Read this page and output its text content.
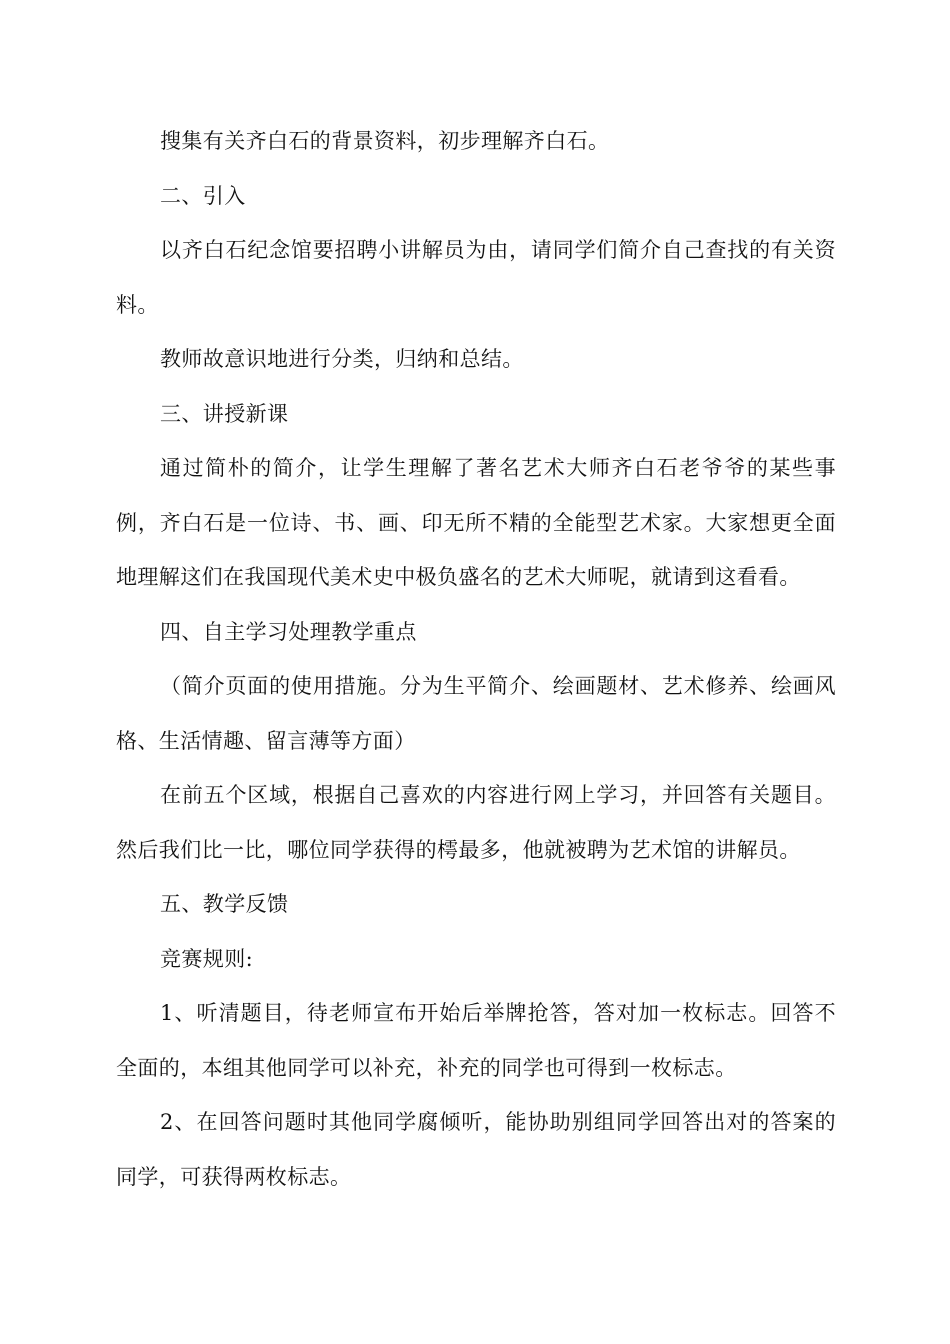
搜集有关齐白石的背景资料，初步理解齐白石。

二、引入

以齐白石纪念馆要招聘小讲解员为由，请同学们简介自己查找的有关资料。

教师故意识地进行分类，归纳和总结。

三、讲授新课

通过简朴的简介，让学生理解了著名艺术大师齐白石老爷爷的某些事例，齐白石是一位诗、书、画、印无所不精的全能型艺术家。大家想更全面地理解这们在我国现代美术史中极负盛名的艺术大师呢，就请到这看看。

四、自主学习处理教学重点

（简介页面的使用措施。分为生平简介、绘画题材、艺术修养、绘画风格、生活情趣、留言薄等方面）

在前五个区域，根据自己喜欢的内容进行网上学习，并回答有关题目。然后我们比一比，哪位同学获得的樗最多，他就被聘为艺术馆的讲解员。

五、教学反馈

竞赛规则:

1、听清题目，待老师宣布开始后举牌抢答，答对加一枚标志。回答不全面的，本组其他同学可以补充，补充的同学也可得到一枚标志。

2、在回答问题时其他同学腐倾听，能协助别组同学回答出对的答案的同学，可获得两枚标志。
